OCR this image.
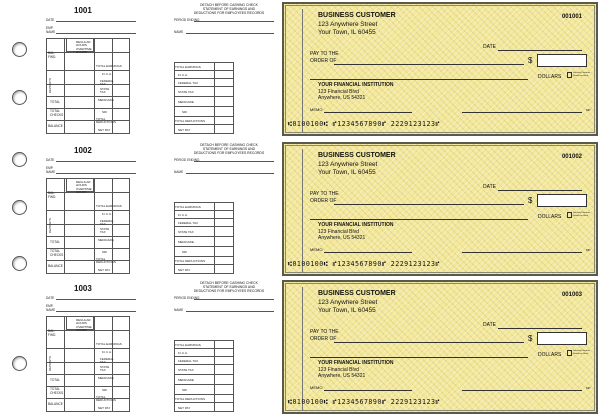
1001
DETACH BEFORE CASHING CHECK
STATEMENT OF EARNINGS AND
DEDUCTIONS FOR EMPLOYEES RECORDS
DATE
EMP. NAME
BAL. FWD.
DEPOSITS
TOTAL
TOTAL CHECKS
BALANCE
REGULAR HOURS
OVERTIME HOURS
TOTAL EARNINGS
F.I.C.A.
FEDERAL TAX
STATE TAX
MEDICARE
SDI
TOTAL DEDUCTIONS
NET PAY
PERIOD ENDING
NAME
TOTAL EARNINGS
F.I.C.A.
FEDERAL TAX
STATE TAX
MEDICARE
SDI
TOTAL DEDUCTIONS
NET PAY
BUSINESS CUSTOMER
123 Anywhere Street
Your Town, IL 60455
001001
DATE
PAY TO THE
ORDER OF	$
DOLLARS
Security Features Details on Back
YOUR FINANCIAL INSTITUTION
123 Financial Blvd
Anywhere, US 54321
MEMO	MP
⑆0100100⑆ ⑈1234567890⑈ 2229123123⑈
1002
DETACH BEFORE CASHING CHECK
STATEMENT OF EARNINGS AND
DEDUCTIONS FOR EMPLOYEES RECORDS
DATE
EMP. NAME
BAL. FWD.
DEPOSITS
TOTAL
TOTAL CHECKS
BALANCE
REGULAR HOURS
OVERTIME HOURS
TOTAL EARNINGS
F.I.C.A.
FEDERAL TAX
STATE TAX
MEDICARE
SDI
TOTAL DEDUCTIONS
NET PAY
PERIOD ENDING
NAME
TOTAL EARNINGS
F.I.C.A.
FEDERAL TAX
STATE TAX
MEDICARE
SDI
TOTAL DEDUCTIONS
NET PAY
BUSINESS CUSTOMER
123 Anywhere Street
Your Town, IL 60455
001002
DATE
PAY TO THE
ORDER OF	$
DOLLARS
Security Features Details on Back
YOUR FINANCIAL INSTITUTION
123 Financial Blvd
Anywhere, US 54321
MEMO	MP
⑆0100100⑆ ⑈1234567890⑈ 2229123123⑈
1003
DETACH BEFORE CASHING CHECK
STATEMENT OF EARNINGS AND
DEDUCTIONS FOR EMPLOYEES RECORDS
DATE
EMP. NAME
BAL. FWD.
DEPOSITS
TOTAL
TOTAL CHECKS
BALANCE
REGULAR HOURS
OVERTIME HOURS
TOTAL EARNINGS
F.I.C.A.
FEDERAL TAX
STATE TAX
MEDICARE
SDI
TOTAL DEDUCTIONS
NET PAY
PERIOD ENDING
NAME
TOTAL EARNINGS
F.I.C.A.
FEDERAL TAX
STATE TAX
MEDICARE
SDI
TOTAL DEDUCTIONS
NET PAY
BUSINESS CUSTOMER
123 Anywhere Street
Your Town, IL 60455
001003
DATE
PAY TO THE
ORDER OF	$
DOLLARS
Security Features Details on Back
YOUR FINANCIAL INSTITUTION
123 Financial Blvd
Anywhere, US 54321
MEMO	MP
⑆0100100⑆ ⑈1234567890⑈ 2229123123⑈
